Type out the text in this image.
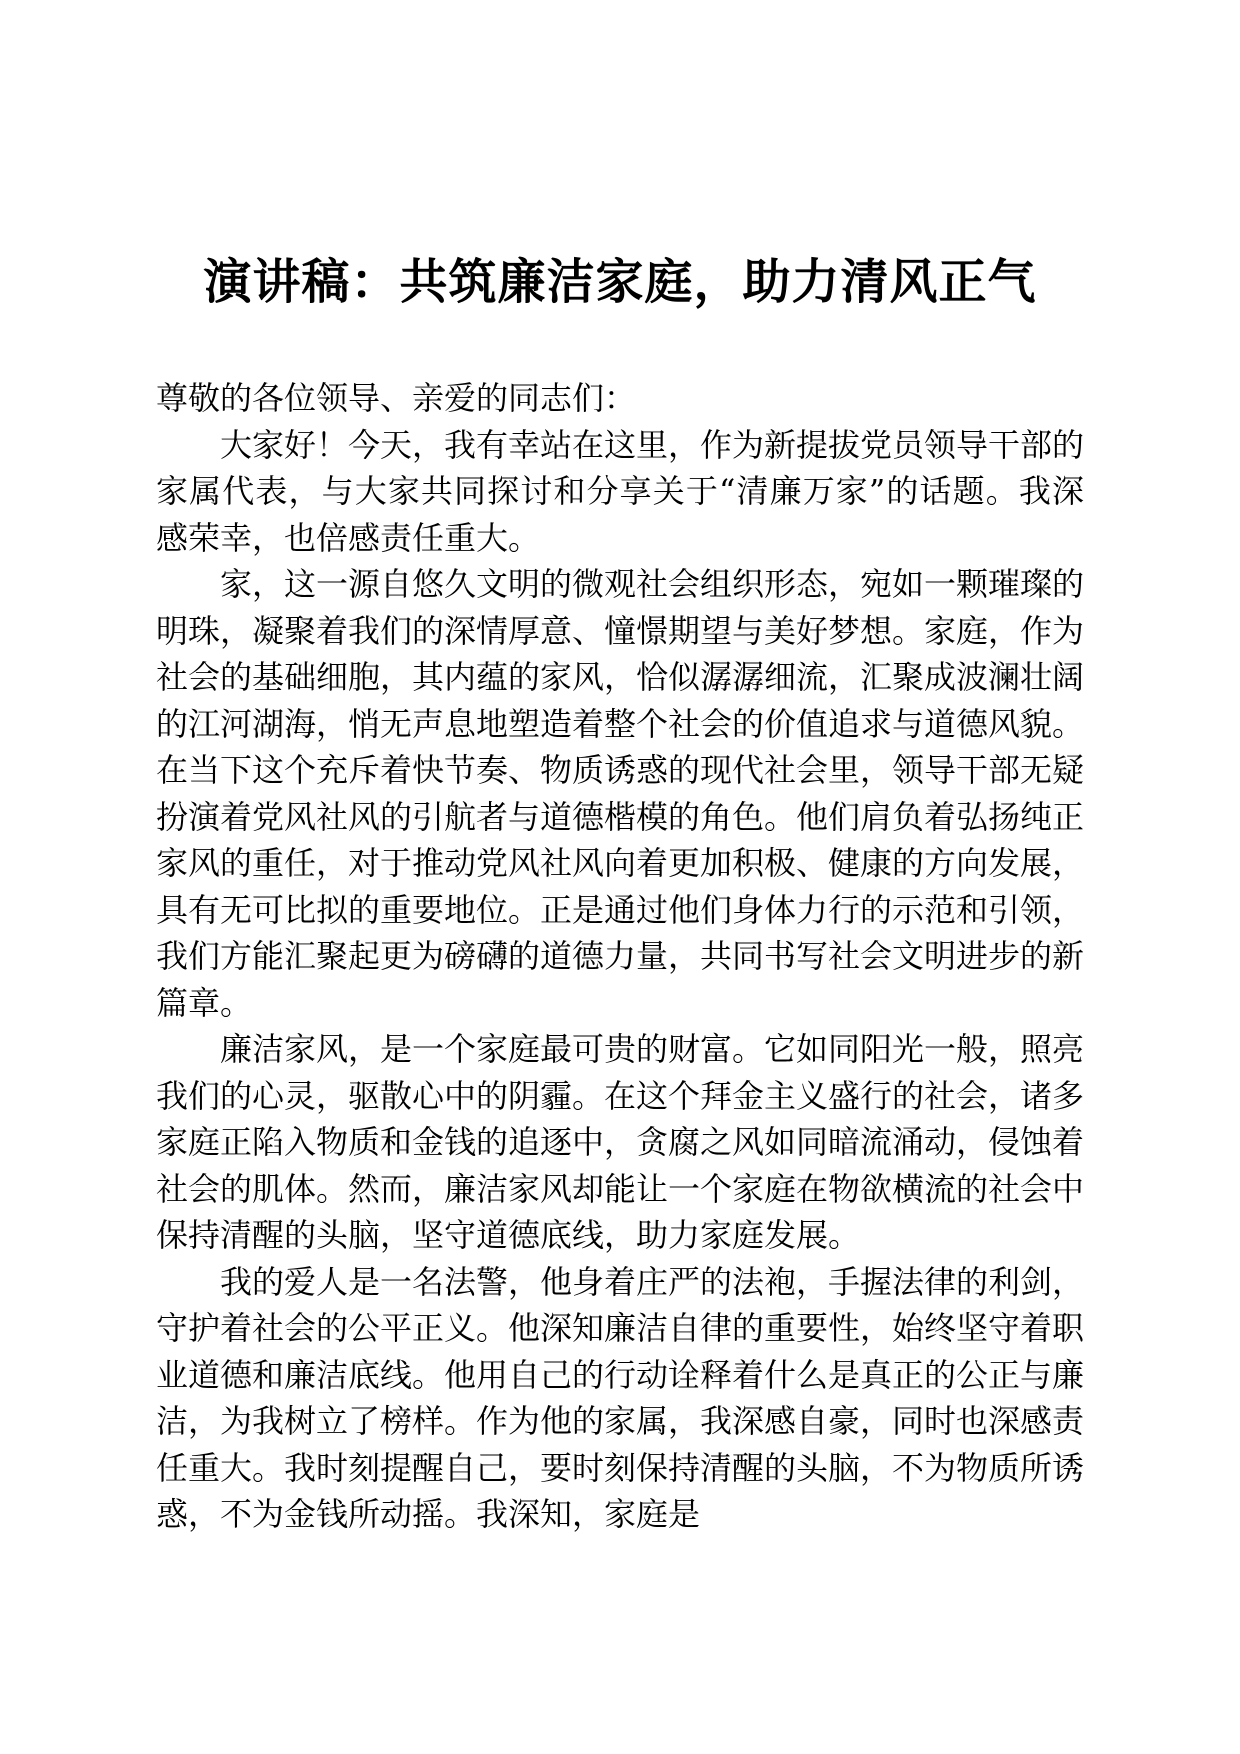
演讲稿：共筑廉洁家庭，助力清风正气

尊敬的各位领导、亲爱的同志们：

大家好！今天，我有幸站在这里，作为新提拔党员领导干部的家属代表，与大家共同探讨和分享关于“清廉万家”的话题。我深感荣幸，也倍感责任重大。

家，这一源自悠久文明的微观社会组织形态，宛如一颗璀璨的明珠，凝聚着我们的深情厚意、憧憬期望与美好梦想。家庭，作为社会的基础细胞，其内蕴的家风，恰似潺潺细流，汇聚成波澜壮阔的江河湖海，悄无声息地塑造着整个社会的价值追求与道德风貌。在当下这个充斥着快节奏、物质诱惑的现代社会里，领导干部无疑扮演着党风社风的引航者与道德楷模的角色。他们肩负着弘扬纯正家风的重任，对于推动党风社风向着更加积极、健康的方向发展，具有无可比拟的重要地位。正是通过他们身体力行的示范和引领，我们方能汇聚起更为磅礴的道德力量，共同书写社会文明进步的新篇章。

廉洁家风，是一个家庭最可贵的财富。它如同阳光一般，照亮我们的心灵，驱散心中的阴霾。在这个拜金主义盛行的社会，诸多家庭正陷入物质和金钱的追逐中，贪腐之风如同暗流涌动，侵蚀着社会的肌体。然而，廉洁家风却能让一个家庭在物欲横流的社会中保持清醒的头脑，坚守道德底线，助力家庭发展。

我的爱人是一名法警，他身着庄严的法袍，手握法律的利剑，守护着社会的公平正义。他深知廉洁自律的重要性，始终坚守着职业道德和廉洁底线。他用自己的行动诠释着什么是真正的公正与廉洁，为我树立了榜样。作为他的家属，我深感自豪，同时也深感责任重大。我时刻提醒自己，要时刻保持清醒的头脑，不为物质所诱惑，不为金钱所动摇。我深知，家庭是
